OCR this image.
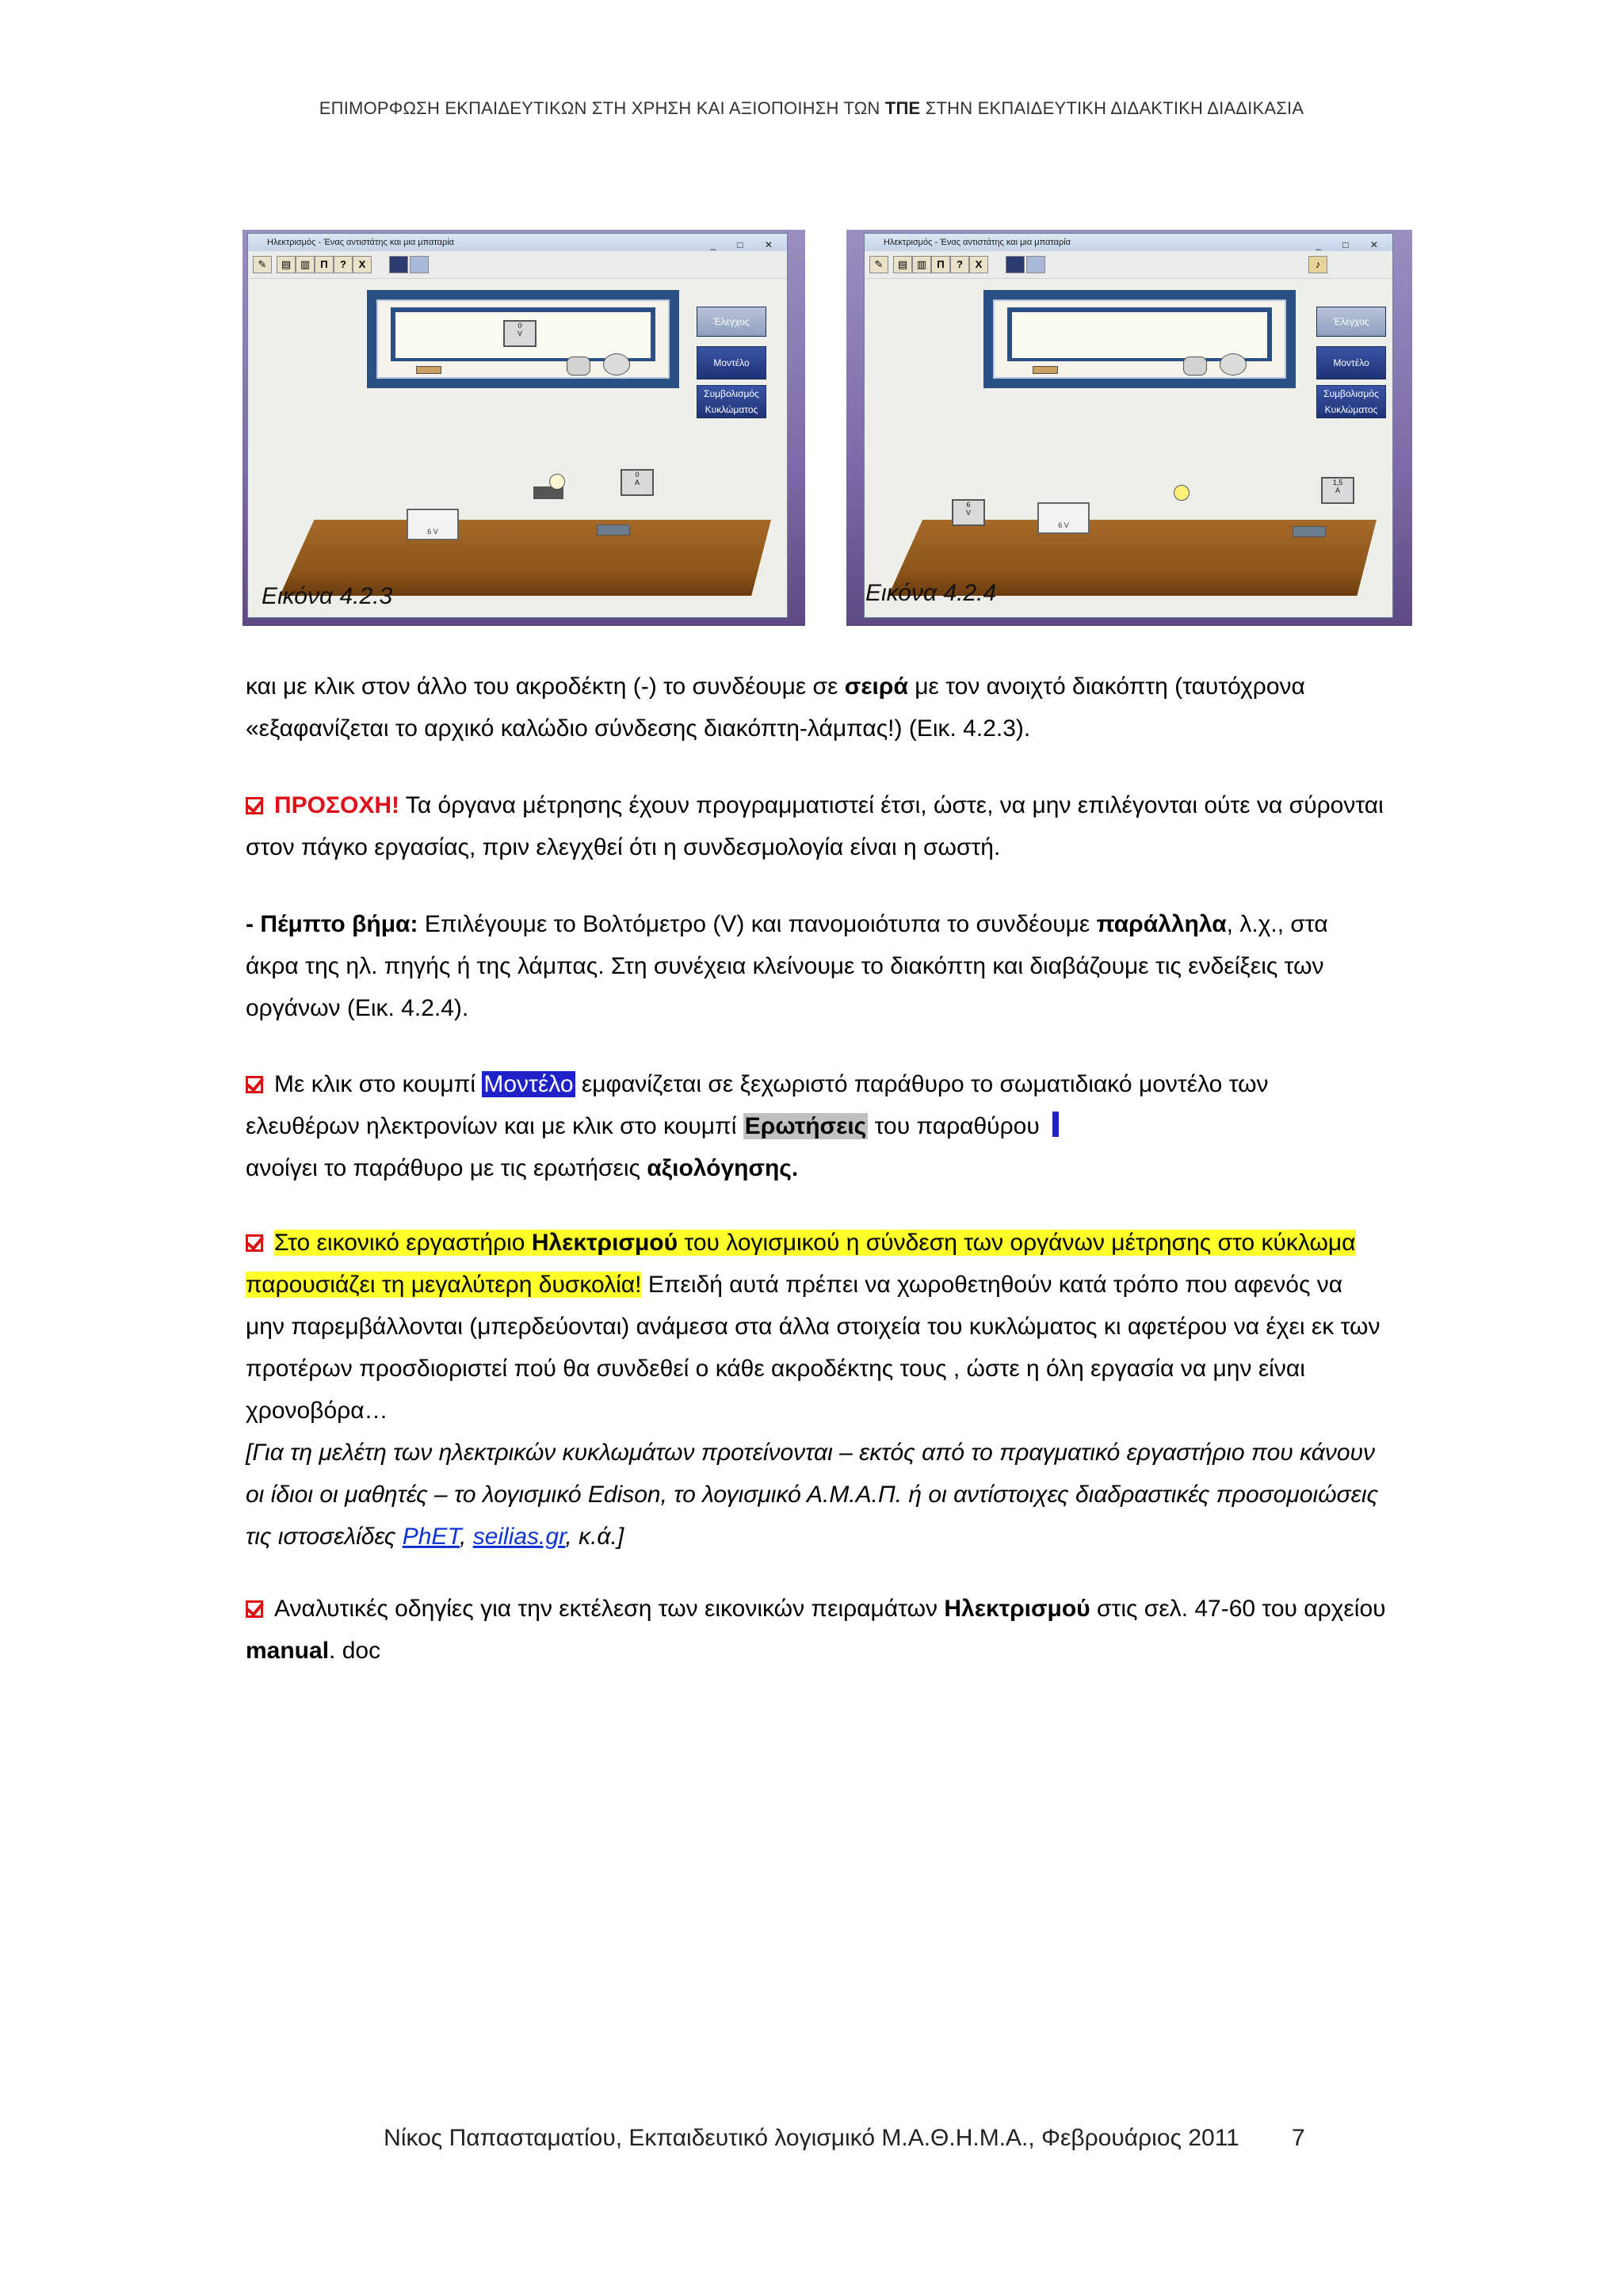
ΕΠΙΜΟΡΦΩΣΗ ΕΚΠΑΙΔΕΥΤΙΚΩΝ ΣΤΗ ΧΡΗΣΗ ΚΑΙ ΑΞΙΟΠΟΙΗΣΗ ΤΩΝ ΤΠΕ ΣΤΗΝ ΕΚΠΑΙΔΕΥΤΙΚΗ ΔΙΔΑΚΤΙΚΗ ΔΙΑΔΙΚΑΣΙΑ
Ηλεκτρισμός - Ένας αντιστάτης και μια μπαταρία	_ □ ✕
✎	▤ ▥	Π	?	X
0
V
Έλεγχος
Μοντέλο
Συμβολισμός Κυκλώματος
6 V
0
A
Εικόνα 4.2.3
Ηλεκτρισμός - Ένας αντιστάτης και μια μπαταρία	_ □ ✕
✎	▤ ▥	Π	?	X	♪
Έλεγχος
Μοντέλο
Συμβολισμός Κυκλώματος
6
V
6 V
1,5
A
Εικόνα 4.2.4
και με κλικ στον άλλο του ακροδέκτη (-) το συνδέουμε σε σειρά με τον ανοιχτό διακόπτη (ταυτόχρονα «εξαφανίζεται το αρχικό καλώδιο σύνδεσης διακόπτη-λάμπας!) (Εικ. 4.2.3).
ΠΡΟΣΟΧΗ! Τα όργανα μέτρησης έχουν προγραμματιστεί έτσι, ώστε, να μην επιλέγονται ούτε να σύρονται στον πάγκο εργασίας, πριν ελεγχθεί ότι η συνδεσμολογία είναι η σωστή.
- Πέμπτο βήμα: Επιλέγουμε το Βολτόμετρο (V) και πανομοιότυπα το συνδέουμε παράλληλα, λ.χ., στα άκρα της ηλ. πηγής ή της λάμπας. Στη συνέχεια κλείνουμε το διακόπτη και διαβάζουμε τις ενδείξεις των οργάνων (Εικ. 4.2.4).
Με κλικ στο κουμπί Μοντέλο εμφανίζεται σε ξεχωριστό παράθυρο το σωματιδιακό μοντέλο των ελευθέρων ηλεκτρονίων και με κλικ στο κουμπί Ερωτήσεις του παραθύρου
ανοίγει το παράθυρο με τις ερωτήσεις αξιολόγησης.
Στο εικονικό εργαστήριο Ηλεκτρισμού του λογισμικού η σύνδεση των οργάνων μέτρησης στο κύκλωμα παρουσιάζει τη μεγαλύτερη δυσκολία! Επειδή αυτά πρέπει να χωροθετηθούν κατά τρόπο που αφενός να μην παρεμβάλλονται (μπερδεύονται) ανάμεσα στα άλλα στοιχεία του κυκλώματος κι αφετέρου να έχει εκ των προτέρων προσδιοριστεί πού θα συνδεθεί ο κάθε ακροδέκτης τους , ώστε η όλη εργασία να μην είναι χρονοβόρα…
[Για τη μελέτη των ηλεκτρικών κυκλωμάτων προτείνονται – εκτός από το πραγματικό εργαστήριο που κάνουν οι ίδιοι οι μαθητές – το λογισμικό Edison, το λογισμικό Α.Μ.Α.Π. ή οι αντίστοιχες διαδραστικές προσομοιώσεις τις ιστοσελίδες PhET, seilias.gr, κ.ά.]
Αναλυτικές οδηγίες για την εκτέλεση των εικονικών πειραμάτων Ηλεκτρισμού στις σελ. 47-60 του αρχείου manual. doc
Νίκος Παπασταματίου, Εκπαιδευτικό λογισμικό Μ.Α.Θ.Η.Μ.Α., Φεβρουάριος 2011	7
